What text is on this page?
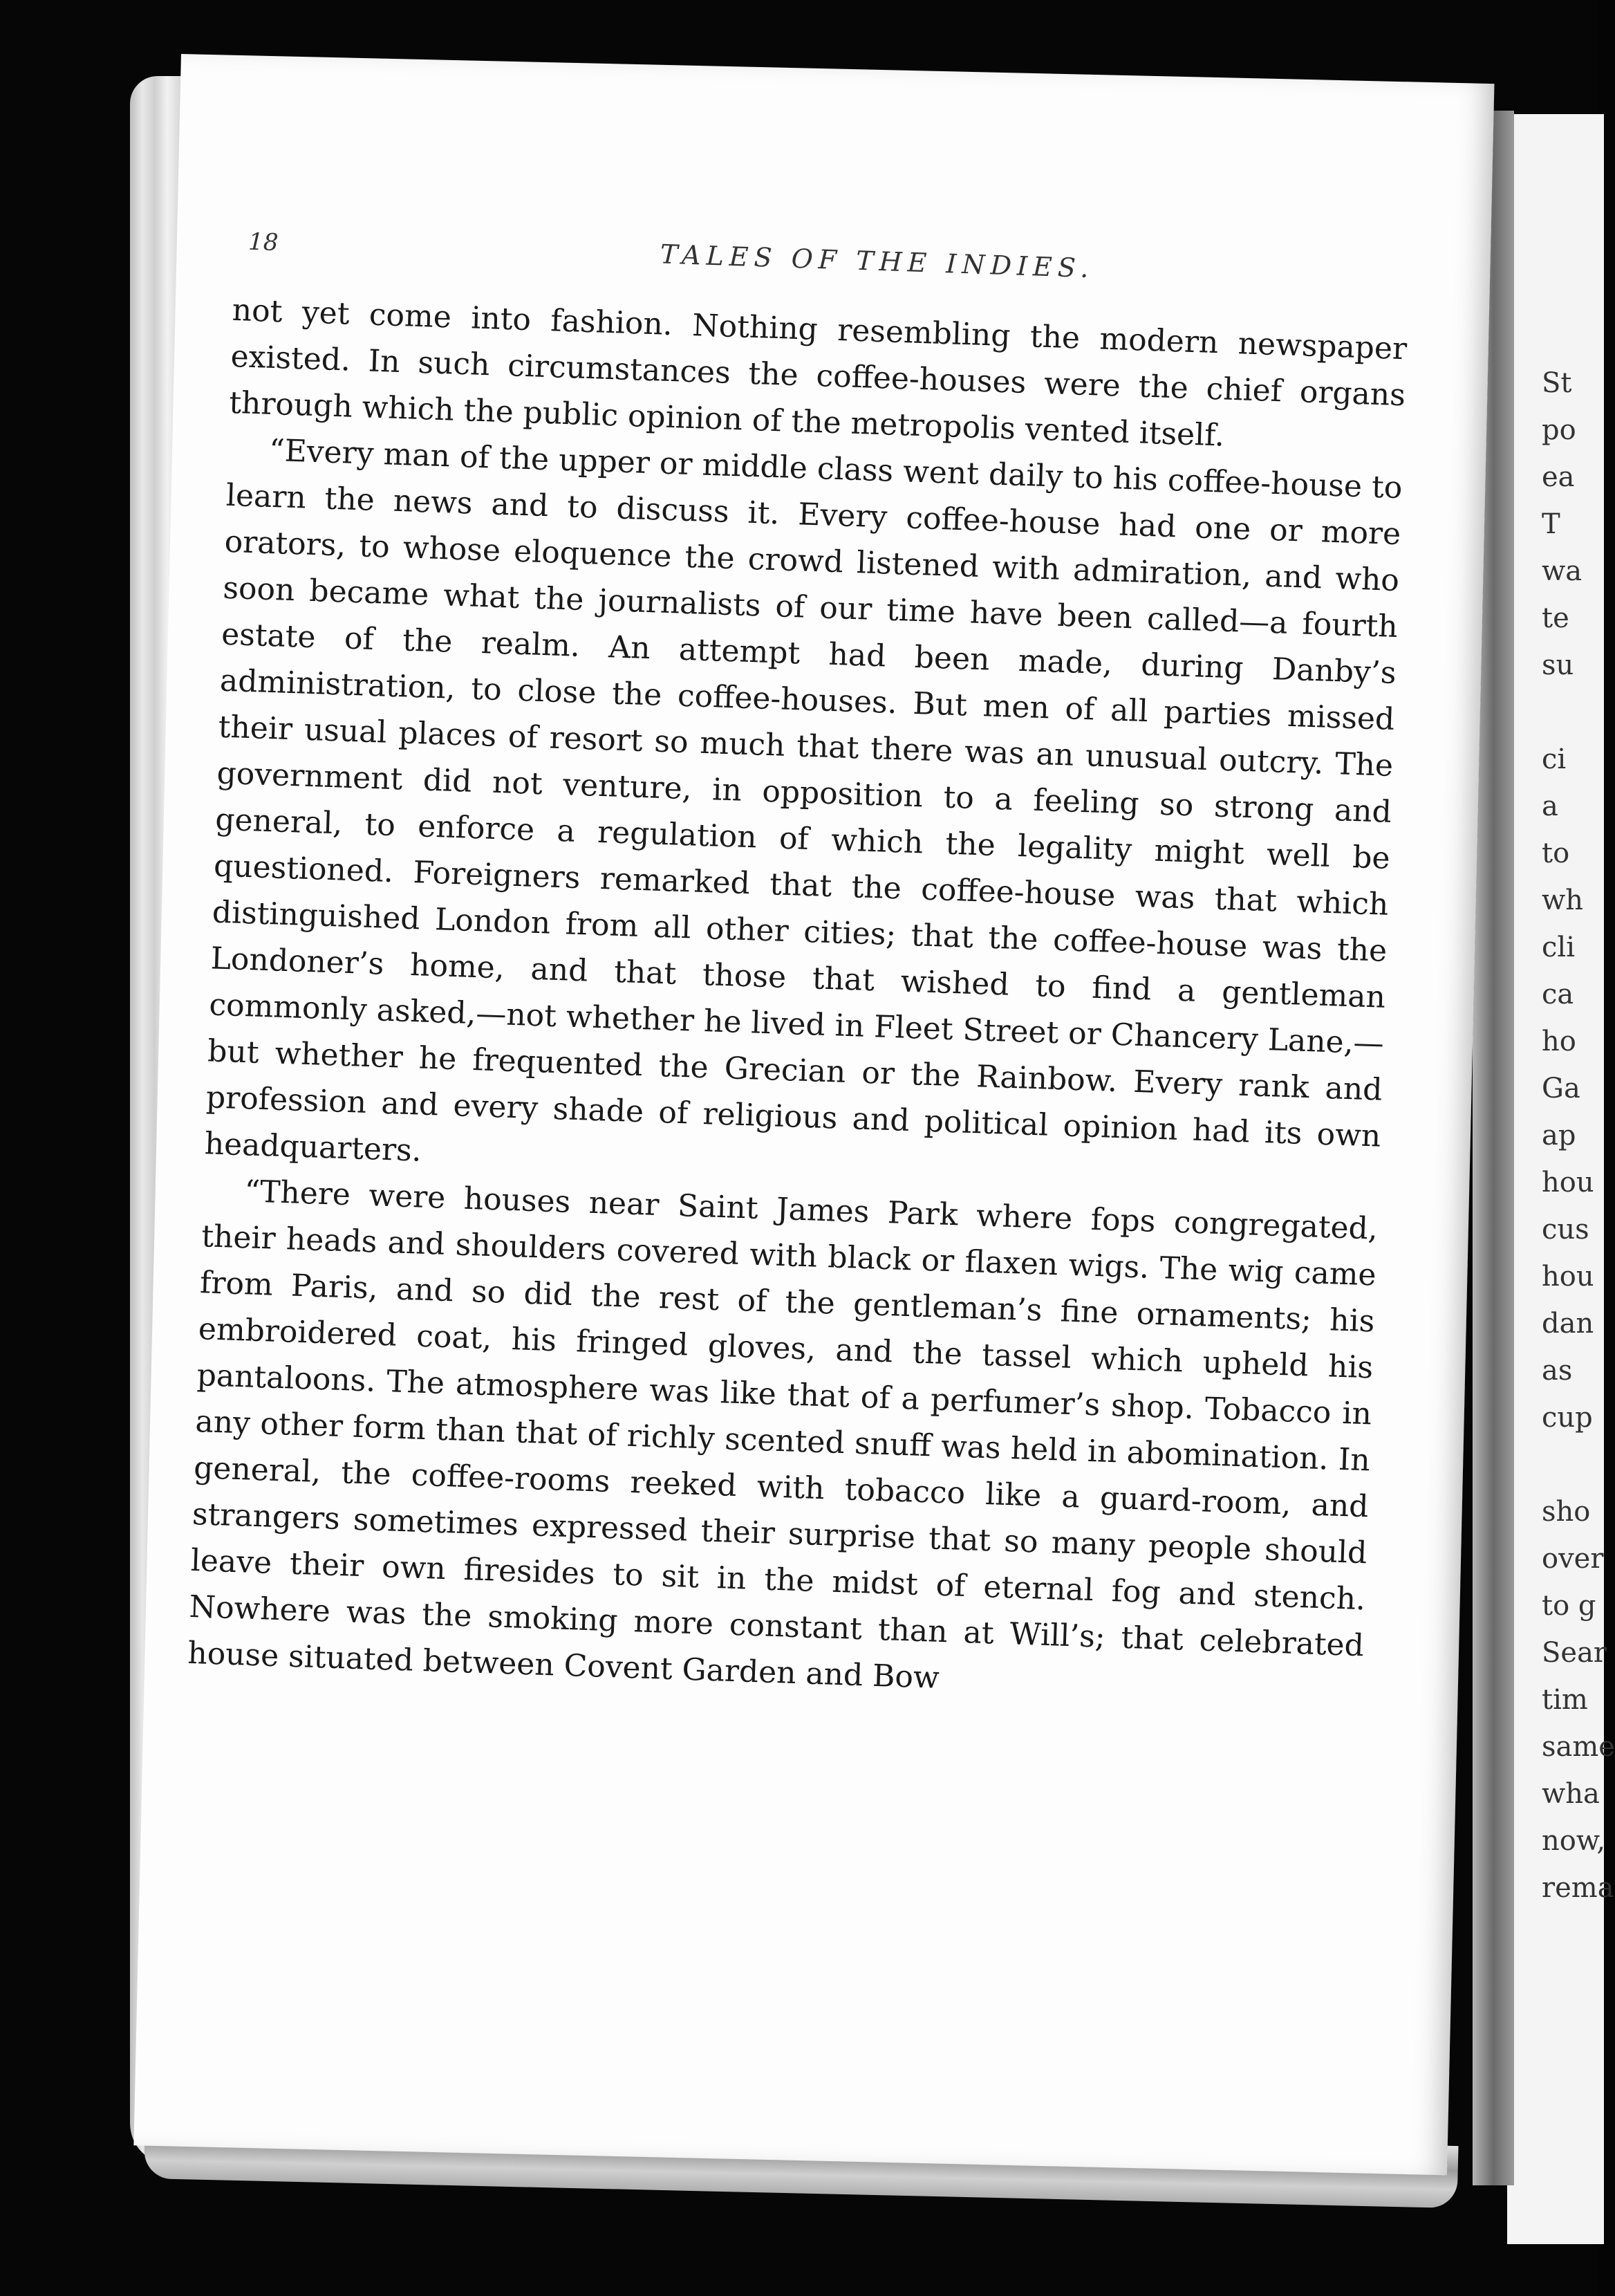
St
po
ea
T
wa
te
su

ci
a
to
wh
cli
ca
ho
Ga
ap
hou
cus
hou
dan
as
cup

sho
over
to g
Sear
tim
same
wha
now,
rema
18	TALES OF THE INDIES.

not yet come into fashion. Nothing resembling the modern newspaper existed. In such circumstances the coffee-houses were the chief organs through which the public opinion of the metropolis vented itself.

“Every man of the upper or middle class went daily to his coffee-house to learn the news and to discuss it. Every coffee-house had one or more orators, to whose eloquence the crowd listened with admiration, and who soon became what the journalists of our time have been called—a fourth estate of the realm. An attempt had been made, during Danby’s administration, to close the coffee-houses. But men of all parties missed their usual places of resort so much that there was an unusual outcry. The government did not venture, in opposition to a feeling so strong and general, to enforce a regulation of which the legality might well be questioned. Foreigners remarked that the coffee-house was that which distinguished London from all other cities; that the coffee-house was the Londoner’s home, and that those that wished to find a gentleman commonly asked,—not whether he lived in Fleet Street or Chancery Lane,—but whether he frequented the Grecian or the Rainbow. Every rank and profession and every shade of religious and political opinion had its own headquarters.

“There were houses near Saint James Park where fops congregated, their heads and shoulders covered with black or flaxen wigs. The wig came from Paris, and so did the rest of the gentleman’s fine ornaments; his embroidered coat, his fringed gloves, and the tassel which upheld his pantaloons. The atmosphere was like that of a perfumer’s shop. Tobacco in any other form than that of richly scented snuff was held in abomination. In general, the coffee-rooms reeked with tobacco like a guard-room, and strangers sometimes expressed their surprise that so many people should leave their own firesides to sit in the midst of eternal fog and stench. Nowhere was the smoking more constant than at Will’s; that celebrated house situated between Covent Garden and Bow
